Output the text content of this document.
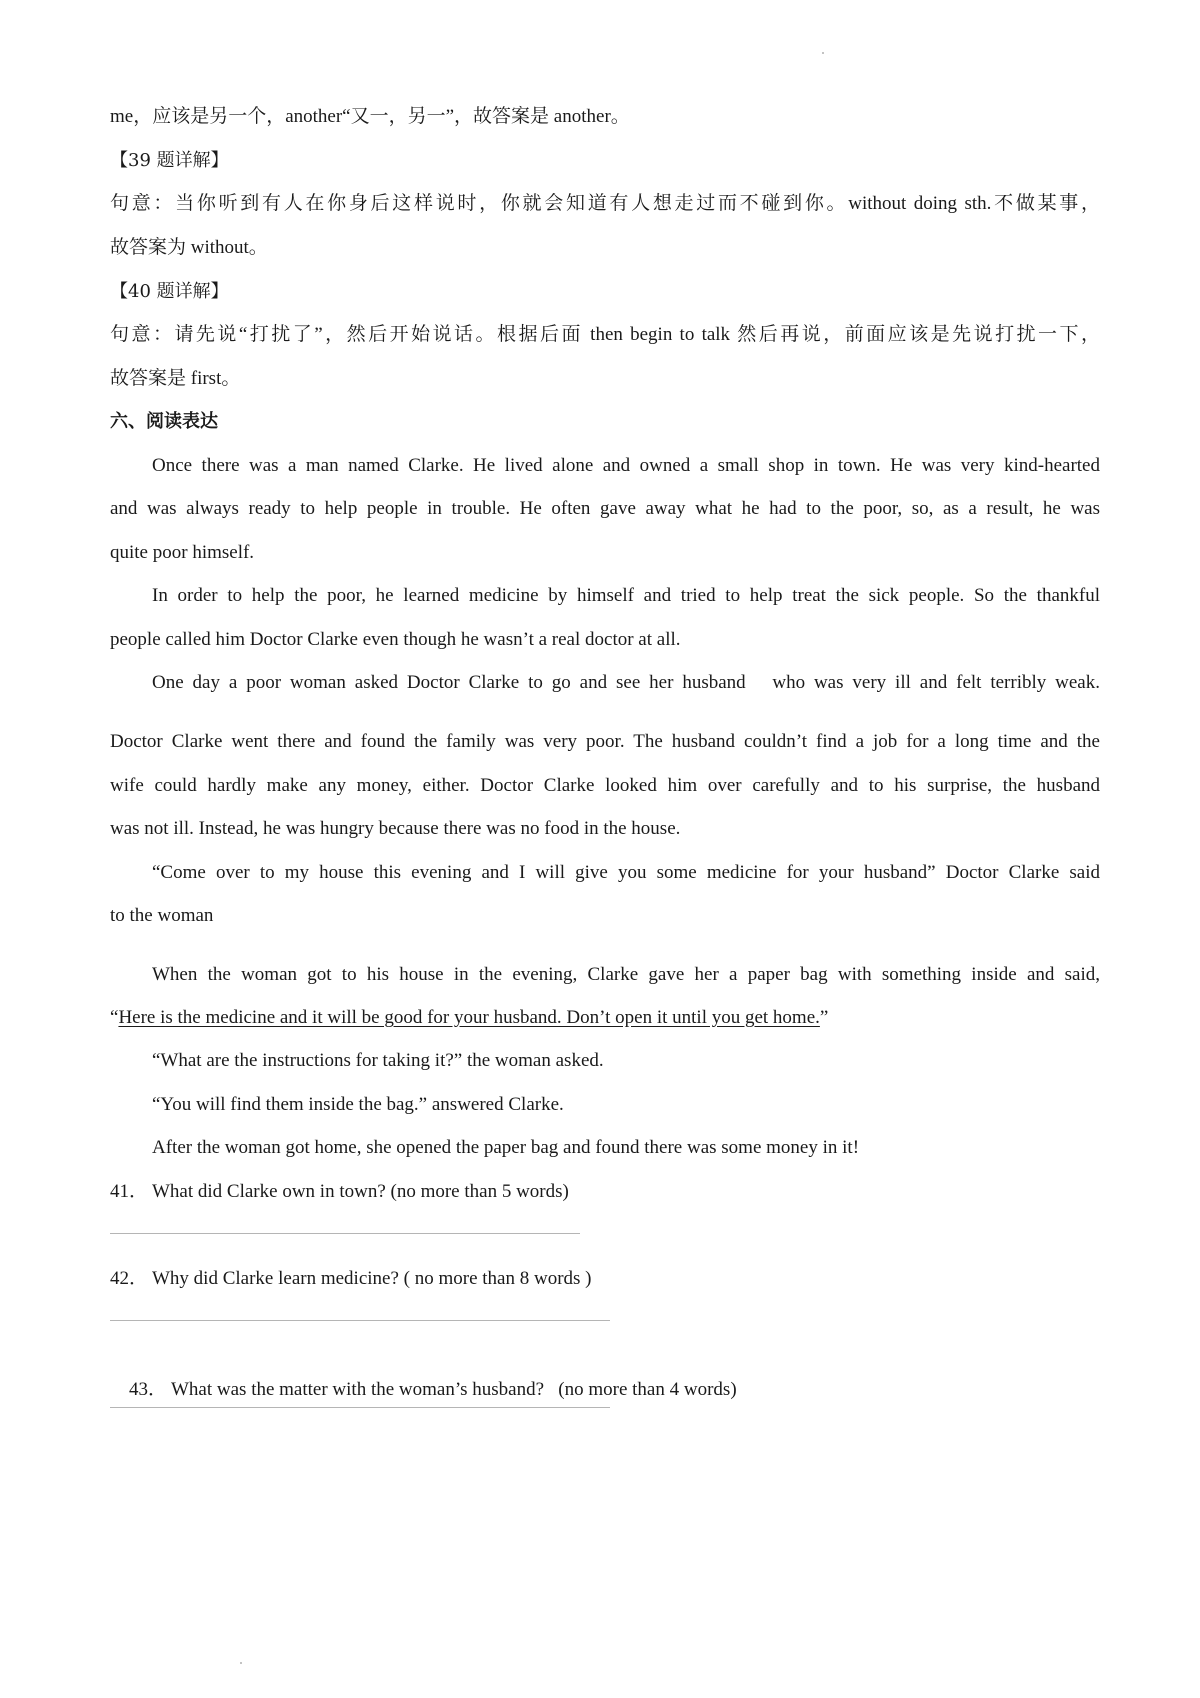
me，应该是另一个，another“又一，另一”，故答案是 another。
【39 题详解】
句意：当你听到有人在你身后这样说时，你就会知道有人想走过而不碰到你。without doing sth.不做某事，
故答案为 without。
【40 题详解】
句意：请先说“打扰了”，然后开始说话。根据后面 then begin to talk 然后再说，前面应该是先说打扰一下，
故答案是 first。
六、阅读表达
Once there was a man named Clarke. He lived alone and owned a small shop in town. He was very kind-hearted
and was always ready to help people in trouble. He often gave away what he had to the poor, so, as a result, he was
quite poor himself.
In order to help the poor, he learned medicine by himself and tried to help treat the sick people. So the thankful
people called him Doctor Clarke even though he wasn’t a real doctor at all.
One day a poor woman asked Doctor Clarke to go and see her husband   who was very ill and felt terribly weak.
Doctor Clarke went there and found the family was very poor. The husband couldn’t find a job for a long time and the
wife could hardly make any money, either. Doctor Clarke looked him over carefully and to his surprise, the husband
was not ill. Instead, he was hungry because there was no food in the house.
“Come over to my house this evening and I will give you some medicine for your husband” Doctor Clarke said
to the woman
When the woman got to his house in the evening, Clarke gave her a paper bag with something inside and said,
“Here is the medicine and it will be good for your husband. Don’t open it until you get home.”
“What are the instructions for taking it?” the woman asked.
“You will find them inside the bag.” answered Clarke.
After the woman got home, she opened the paper bag and found there was some money in it!
41． What did Clarke own in town? (no more than 5 words)
42． Why did Clarke learn medicine? ( no more than 8 words )

43． What was the matter with the woman’s husband?   (no more than 4 words)
